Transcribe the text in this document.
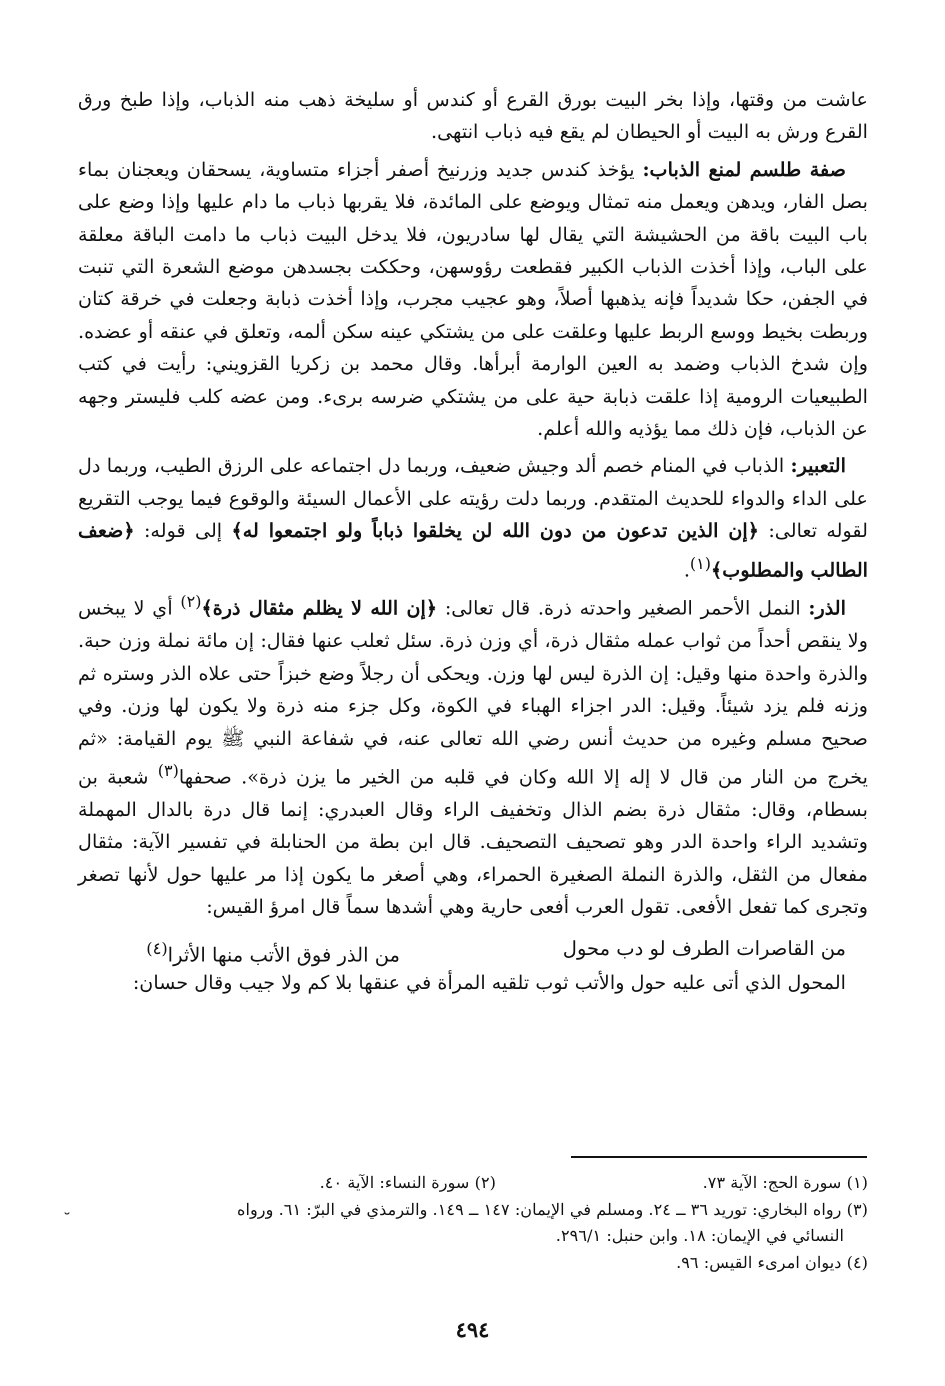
عاشت من وقتها، وإذا بخر البيت بورق القرع أو كندس أو سليخة ذهب منه الذباب، وإذا طبخ ورق القرع ورش به البيت أو الحيطان لم يقع فيه ذباب انتهى.

صفة طلسم لمنع الذباب: يؤخذ كندس جديد وزرنيخ أصفر أجزاء متساوية، يسحقان ويعجنان بماء بصل الفار، ويدهن ويعمل منه تمثال ويوضع على المائدة، فلا يقربها ذباب ما دام عليها وإذا وضع على باب البيت باقة من الحشيشة التي يقال لها سادريون، فلا يدخل البيت ذباب ما دامت الباقة معلقة على الباب، وإذا أخذت الذباب الكبير فقطعت رؤوسهن، وحككت بجسدهن موضع الشعرة التي تنبت في الجفن، حكا شديداً فإنه يذهبها أصلاً، وهو عجيب مجرب، وإذا أخذت ذبابة وجعلت في خرقة كتان وربطت بخيط ووسع الربط عليها وعلقت على من يشتكي عينه سكن ألمه، وتعلق في عنقه أو عضده. وإن شدخ الذباب وضمد به العين الوارمة أبرأها. وقال محمد بن زكريا القزويني: رأيت في كتب الطبيعيات الرومية إذا علقت ذبابة حية على من يشتكي ضرسه برىء. ومن عضه كلب فليستر وجهه عن الذباب، فإن ذلك مما يؤذيه والله أعلم.

التعبير: الذباب في المنام خصم ألد وجيش ضعيف، وربما دل اجتماعه على الرزق الطيب، وربما دل على الداء والدواء للحديث المتقدم. وربما دلت رؤيته على الأعمال السيئة والوقوع فيما يوجب التقريع لقوله تعالى: ﴿إن الذين تدعون من دون الله لن يخلقوا ذباباً ولو اجتمعوا له﴾ إلى قوله: ﴿ضعف الطالب والمطلوب﴾$^{(١)}$.

الذر: النمل الأحمر الصغير واحدته ذرة. قال تعالى: ﴿إن الله لا يظلم مثقال ذرة﴾$^{(٢)}$ أي لا يبخس ولا ينقص أحداً من ثواب عمله مثقال ذرة، أي وزن ذرة. سئل ثعلب عنها فقال: إن مائة نملة وزن حبة. والذرة واحدة منها وقيل: إن الذرة ليس لها وزن. ويحكى أن رجلاً وضع خبزاً حتى علاه الذر وستره ثم وزنه فلم يزد شيئاً. وقيل: الدر اجزاء الهباء في الكوة، وكل جزء منه ذرة ولا يكون لها وزن. وفي صحيح مسلم وغيره من حديث أنس رضي الله تعالى عنه، في شفاعة النبي ﷺ يوم القيامة: «ثم يخرج من النار من قال لا إله إلا الله وكان في قلبه من الخير ما يزن ذرة». صحفها$^{(٣)}$ شعبة بن بسطام، وقال: مثقال ذرة بضم الذال وتخفيف الراء وقال العبدري: إنما قال درة بالدال المهملة وتشديد الراء واحدة الدر وهو تصحيف التصحيف. قال ابن بطة من الحنابلة في تفسير الآية: مثقال مفعال من الثقل، والذرة النملة الصغيرة الحمراء، وهي أصغر ما يكون إذا مر عليها حول لأنها تصغر وتجرى كما تفعل الأفعى. تقول العرب أفعى حارية وهي أشدها سماً قال امرؤ القيس:

من القاصرات الطرف لو دب محول
من الذر فوق الأتب منها الأثرا$^{(٤)}$

المحول الذي أتى عليه حول والأتب ثوب تلقيه المرأة في عنقها بلا كم ولا جيب وقال حسان:

(١) سورة الحج: الآية ٧٣.
(٢) سورة النساء: الآية ٤٠.
(٣) رواه البخاري: توريد ٣٦ ــ ٢٤. ومسلم في الإيمان: ١٤٧ ــ ١٤٩. والترمذي في البرّ: ٦١. ورواه
النسائي في الإيمان: ١٨. وابن حنبل: ٢٩٦/١.
(٤) ديوان امرىء القيس: ٩٦.
˘
٤٩٤
